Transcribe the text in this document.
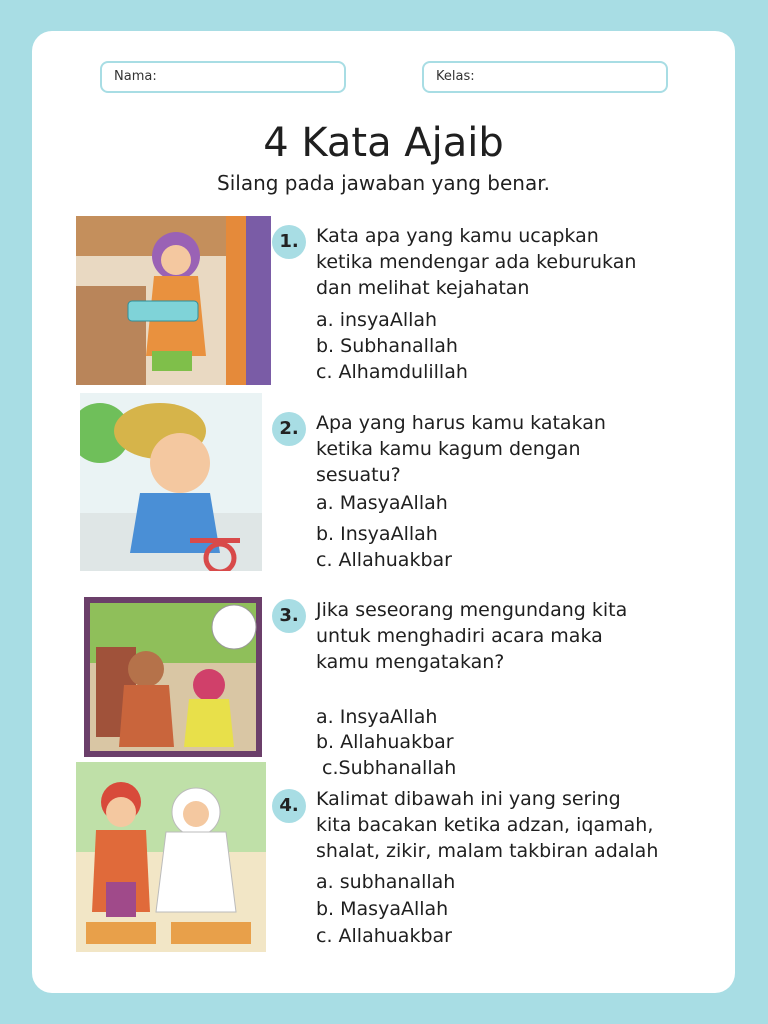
Nama:	Kelas:
4 Kata Ajaib
Silang pada jawaban yang benar.
1. Kata apa yang kamu ucapkan
ketika mendengar ada keburukan
dan melihat kejahatan
a. insyaAllah
b. Subhanallah
c. Alhamdulillah
2. Apa yang harus kamu katakan
ketika kamu kagum dengan
sesuatu?
a. MasyaAllah
b. InsyaAllah
c. Allahuakbar
3. Jika seseorang mengundang kita
untuk menghadiri acara maka
kamu mengatakan?
a. InsyaAllah
b. Allahuakbar
c.Subhanallah
4. Kalimat dibawah ini yang sering
kita bacakan ketika adzan, iqamah,
shalat, zikir, malam takbiran adalah
a. subhanallah
b. MasyaAllah
c. Allahuakbar
